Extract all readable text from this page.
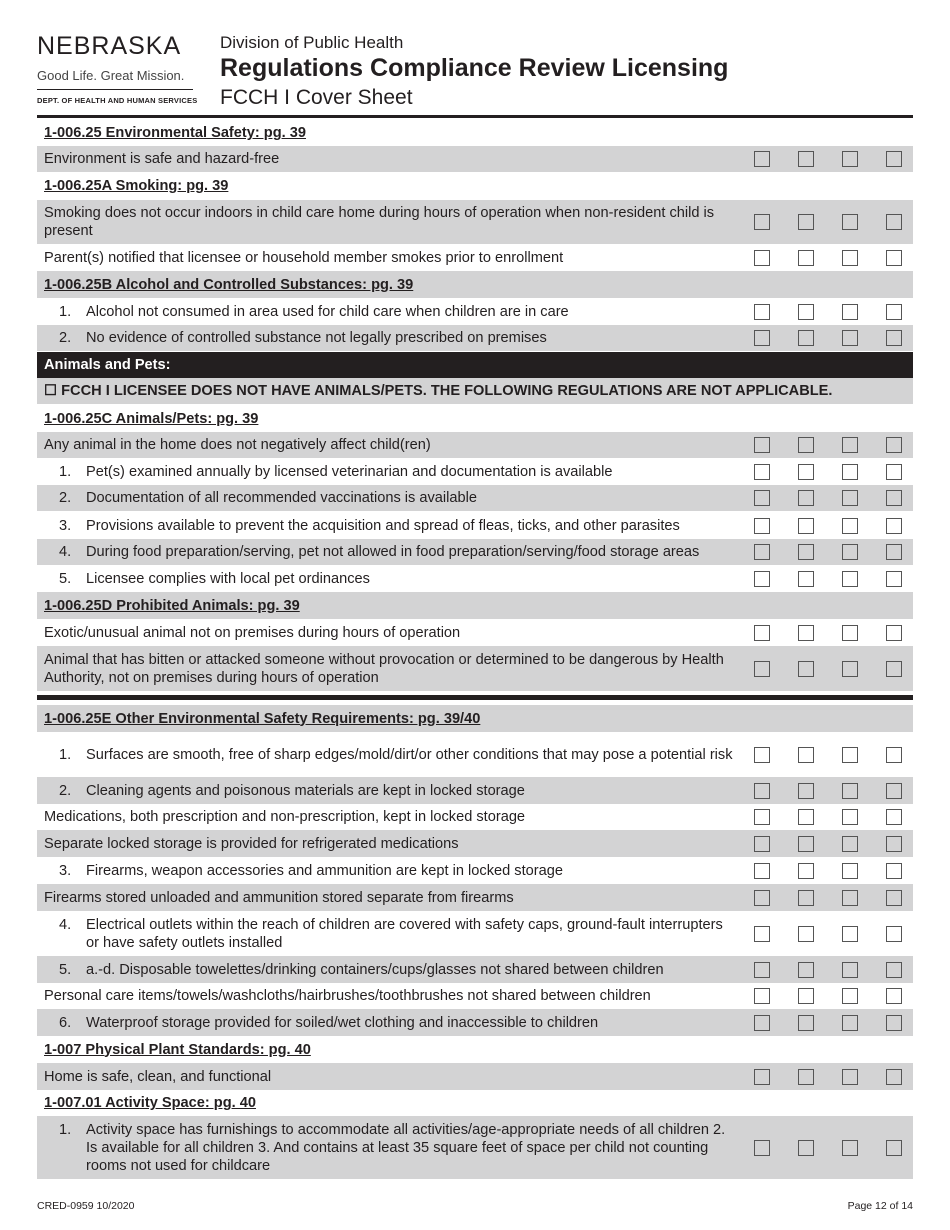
NEBRASKA
Good Life. Great Mission.
DEPT. OF HEALTH AND HUMAN SERVICES
Division of Public Health
Regulations Compliance Review Licensing
FCCH I Cover Sheet
1-006.25 Environmental Safety: pg. 39
Environment is safe and hazard-free
1-006.25A Smoking: pg. 39
Smoking does not occur indoors in child care home during hours of operation when non-resident child is present
Parent(s) notified that licensee or household member smokes prior to enrollment
1-006.25B Alcohol and Controlled Substances: pg. 39
1. Alcohol not consumed in area used for child care when children are in care
2. No evidence of controlled substance not legally prescribed on premises
Animals and Pets:
☐ FCCH I LICENSEE DOES NOT HAVE ANIMALS/PETS. THE FOLLOWING REGULATIONS ARE NOT APPLICABLE.
1-006.25C Animals/Pets: pg. 39
Any animal in the home does not negatively affect child(ren)
1. Pet(s) examined annually by licensed veterinarian and documentation is available
2. Documentation of all recommended vaccinations is available
3. Provisions available to prevent the acquisition and spread of fleas, ticks, and other parasites
4. During food preparation/serving, pet not allowed in food preparation/serving/food storage areas
5. Licensee complies with local pet ordinances
1-006.25D Prohibited Animals: pg. 39
Exotic/unusual animal not on premises during hours of operation
Animal that has bitten or attacked someone without provocation or determined to be dangerous by Health Authority, not on premises during hours of operation
1-006.25E Other Environmental Safety Requirements: pg. 39/40
1. Surfaces are smooth, free of sharp edges/mold/dirt/or other conditions that may pose a potential risk
2. Cleaning agents and poisonous materials are kept in locked storage
Medications, both prescription and non-prescription, kept in locked storage
Separate locked storage is provided for refrigerated medications
3. Firearms, weapon accessories and ammunition are kept in locked storage
Firearms stored unloaded and ammunition stored separate from firearms
4. Electrical outlets within the reach of children are covered with safety caps, ground-fault interrupters or have safety outlets installed
5. a.-d. Disposable towelettes/drinking containers/cups/glasses not shared between children
Personal care items/towels/washcloths/hairbrushes/toothbrushes not shared between children
6. Waterproof storage provided for soiled/wet clothing and inaccessible to children
1-007 Physical Plant Standards: pg. 40
Home is safe, clean, and functional
1-007.01 Activity Space: pg. 40
1. Activity space has furnishings to accommodate all activities/age-appropriate needs of all children 2. Is available for all children 3. And contains at least 35 square feet of space per child not counting rooms not used for childcare
CRED-0959 10/2020	Page 12 of 14
